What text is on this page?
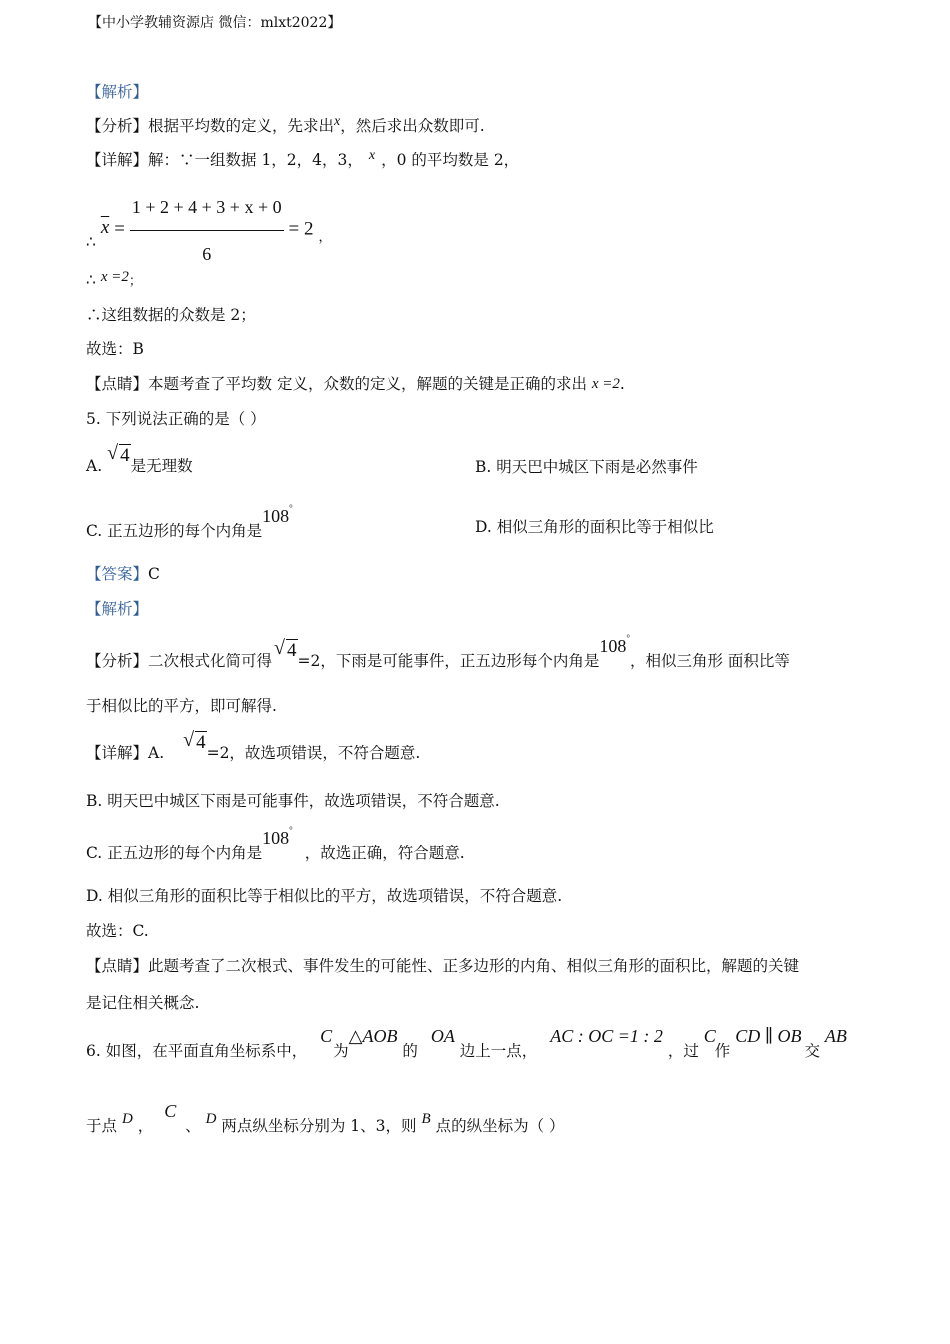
【中小学教辅资源店 微信：mlxt2022】
【解析】
【分析】根据平均数的定义，先求出x，然后求出众数即可.
【详解】解：∵一组数据 1，2，4，3， x ，0 的平均数是 2，
∴ $\overline{x} = \frac{1 + 2 + 4 + 3 + x + 0}{6} = 2$ $_,$
∴ x =2；
∴这组数据的众数是 2；
故选：B
【点睛】本题考查了平均数 定义，众数的定义，解题的关键是正确的求出 x =2.
5. 下列说法正确的是（ ）
A.
√ 4是无理数	B. 明天巴中城区下雨是必然事件
C. 正五边形的每个内角是108°
D. 相似三角形的面积比等于相似比
【答案】C
【解析】
【分析】二次根式化简可得
√ 4=2，下雨是可能事件，正五边形每个内角是108°，相似三角形 面积比等
于相似比的平方，即可解得.
【详解】A.
√ 4=2，故选项错误，不符合题意.
B. 明天巴中城区下雨是可能事件，故选项错误，不符合题意.
C. 正五边形的每个内角是108°，故选正确，符合题意.
D. 相似三角形的面积比等于相似比的平方，故选项错误，不符合题意.
故选：C.
【点睛】此题考查了二次根式、事件发生的可能性、正多边形的内角、相似三角形的面积比，解题的关键
是记住相关概念.
6. 如图，在平面直角坐标系中， C 为△AOB 的 OA 边上一点， AC : OC =1 : 2 ，过 C 作 CD ∥ OB 交 AB
于点 D ， C 、 D 两点纵坐标分别为 1、3，则 B 点的纵坐标为（ ）
